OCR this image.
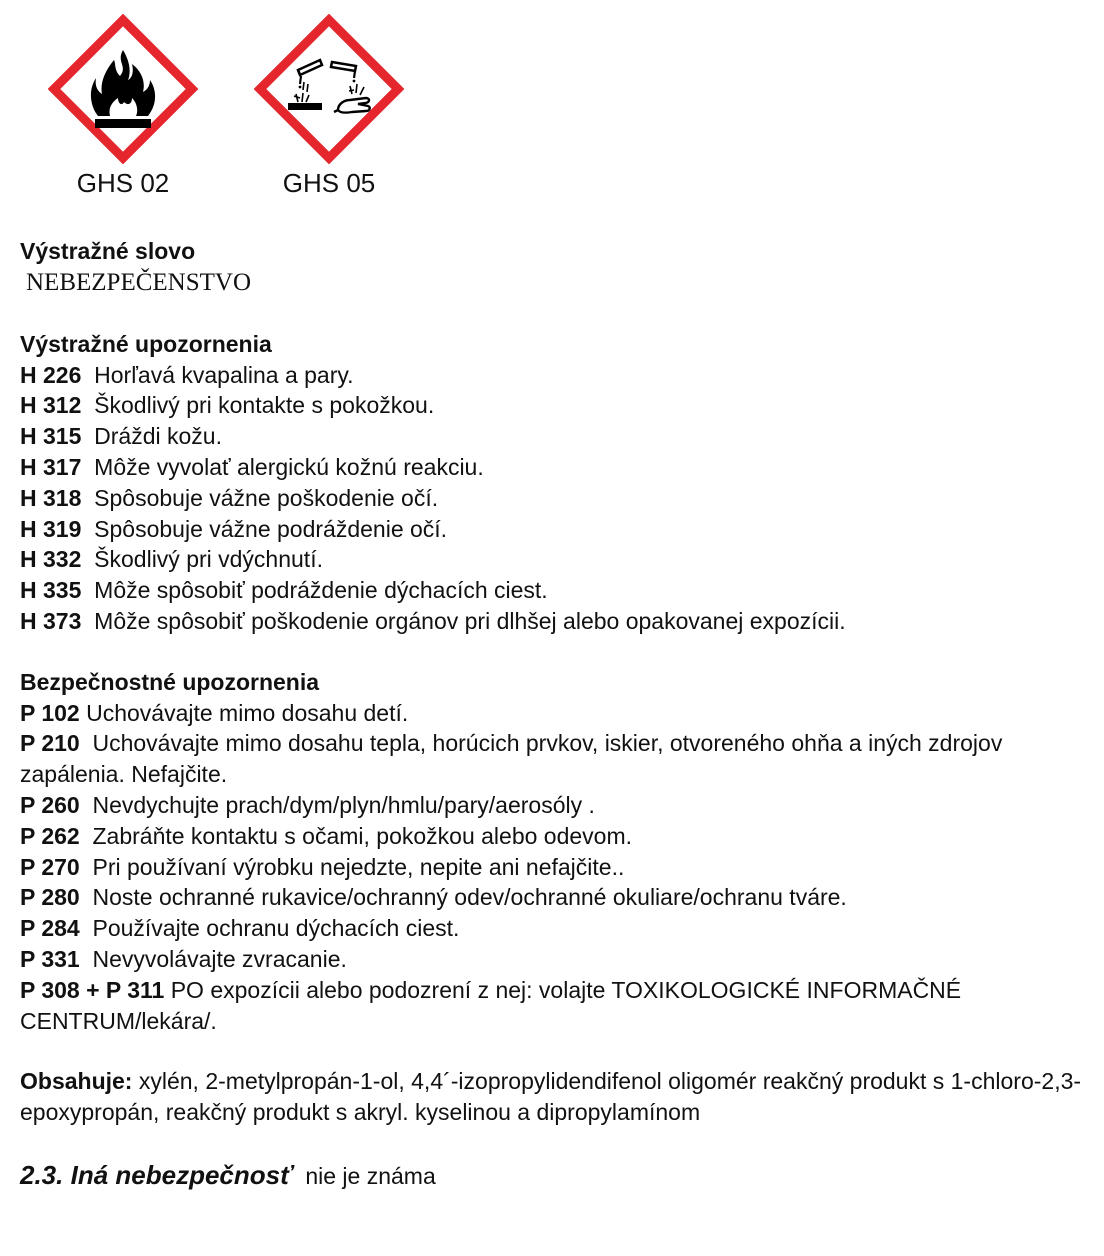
GHS 02	GHS 05
Výstražné slovo
NEBEZPEČENSTVO
Výstražné upozornenia
H 226 Horľavá kvapalina a pary.
H 312 Škodlivý pri kontakte s pokožkou.
H 315 Dráždi kožu.
H 317 Môže vyvolať alergickú kožnú reakciu.
H 318 Spôsobuje vážne poškodenie očí.
H 319 Spôsobuje vážne podráždenie očí.
H 332 Škodlivý pri vdýchnutí.
H 335 Môže spôsobiť podráždenie dýchacích ciest.
H 373 Môže spôsobiť poškodenie orgánov pri dlhšej alebo opakovanej expozícii.
Bezpečnostné upozornenia
P 102 Uchovávajte mimo dosahu detí.
P 210 Uchovávajte mimo dosahu tepla, horúcich prvkov, iskier, otvoreného ohňa a iných zdrojov zapálenia. Nefajčite.
P 260 Nevdychujte prach/dym/plyn/hmlu/pary/aerosóly .
P 262 Zabráňte kontaktu s očami, pokožkou alebo odevom.
P 270 Pri používaní výrobku nejedzte, nepite ani nefajčite..
P 280 Noste ochranné rukavice/ochranný odev/ochranné okuliare/ochranu tváre.
P 284 Používajte ochranu dýchacích ciest.
P 331 Nevyvolávajte zvracanie.
P 308 + P 311 PO expozícii alebo podozrení z nej: volajte TOXIKOLOGICKÉ INFORMAČNÉ CENTRUM/lekára/.
Obsahuje: xylén, 2-metylpropán-1-ol, 4,4´-izopropylidendifenol oligomér reakčný produkt s 1-chloro-2,3-epoxypropán, reakčný produkt s akryl. kyselinou a dipropylamínom
2.3. Iná nebezpečnosť nie je známa
